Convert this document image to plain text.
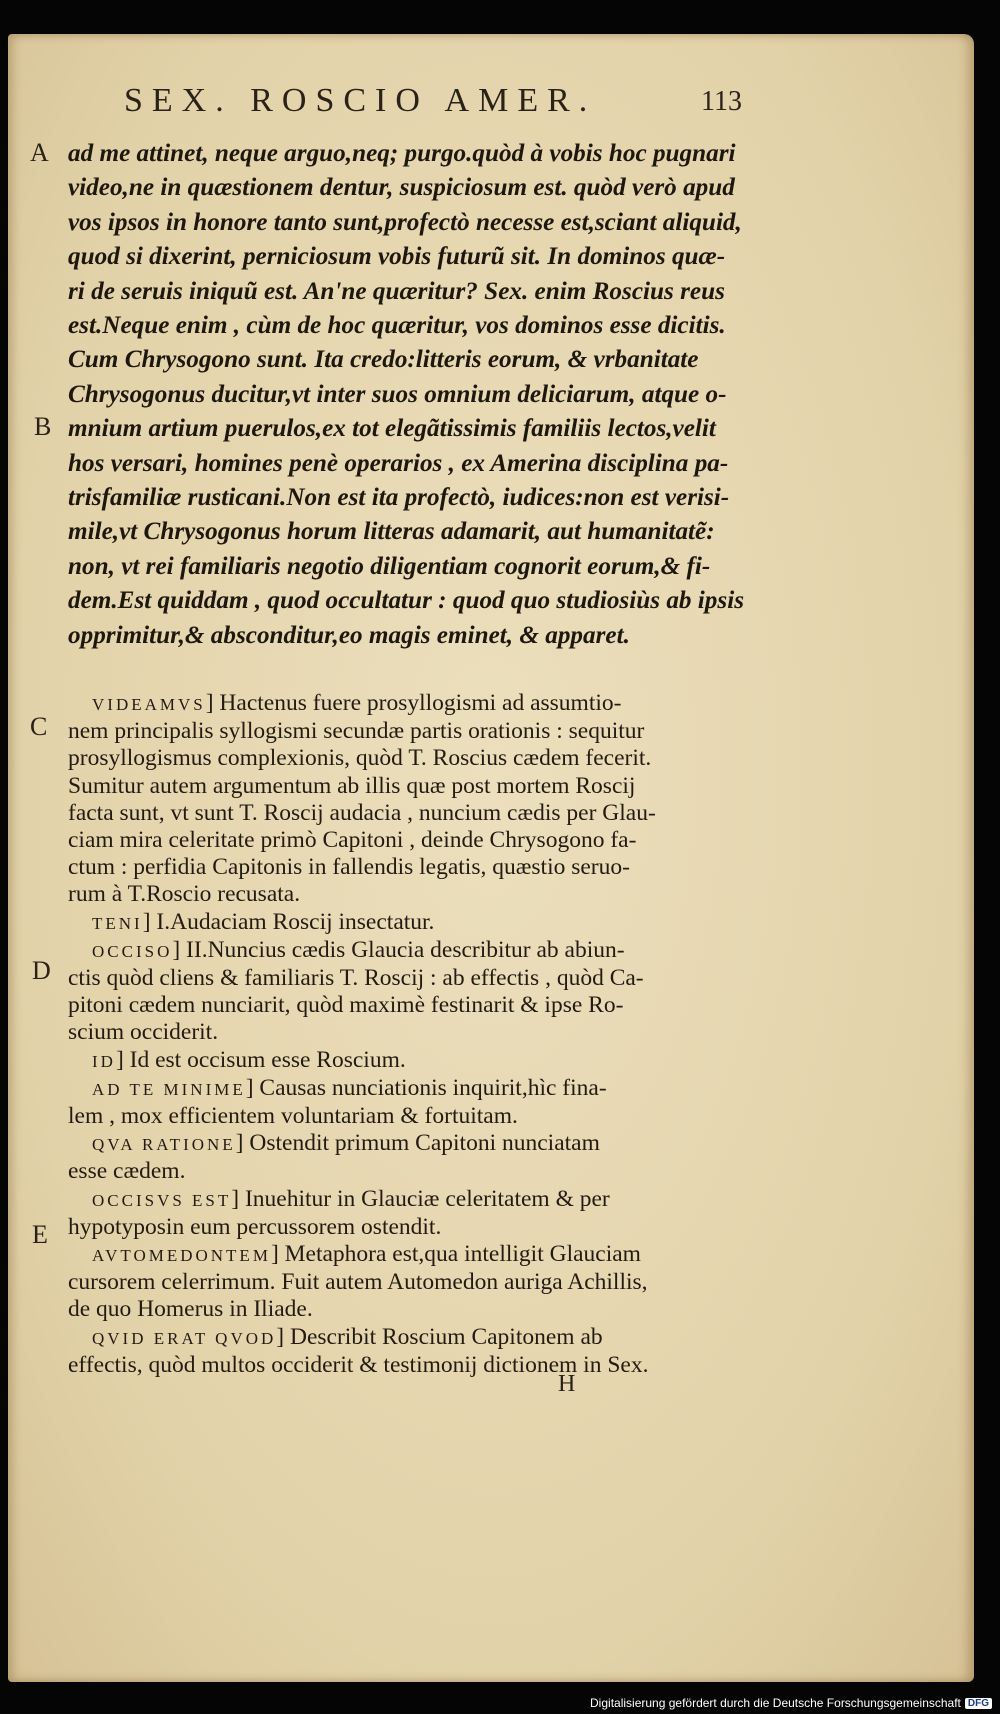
SEX. ROSCIO AMER.	113
A
B
C
D
E
ad me attinet, neque arguo,neq; purgo.quòd à vobis hoc pugnari
video,ne in quæstionem dentur, suspiciosum est. quòd verò apud
vos ipsos in honore tanto sunt,profectò necesse est,sciant aliquid,
quod si dixerint, perniciosum vobis futurũ sit. In dominos quæ-
ri de seruis iniquũ est. An'ne quæritur? Sex. enim Roscius reus
est.Neque enim , cùm de hoc quæritur, vos dominos esse dicitis.
Cum Chrysogono sunt. Ita credo:litteris eorum, & vrbanitate
Chrysogonus ducitur,vt inter suos omnium deliciarum, atque o-
mnium artium puerulos,ex tot elegãtissimis familiis lectos,velit
hos versari, homines penè operarios , ex Amerina disciplina pa-
trisfamiliæ rusticani.Non est ita profectò, iudices:non est verisi-
mile,vt Chrysogonus horum litteras adamarit, aut humanitatẽ:
non, vt rei familiaris negotio diligentiam cognorit eorum,& fi-
dem.Est quiddam , quod occultatur : quod quo studiosiùs ab ipsis
opprimitur,& absconditur,eo magis eminet, & apparet.
VIDEAMVS] Hactenus fuere prosyllogismi ad assumtio-
nem principalis syllogismi secundæ partis orationis : sequitur
prosyllogismus complexionis, quòd T. Roscius cædem fecerit.
Sumitur autem argumentum ab illis quæ post mortem Roscij
facta sunt, vt sunt T. Roscij audacia , nuncium cædis per Glau-
ciam mira celeritate primò Capitoni , deinde Chrysogono fa-
ctum : perfidia Capitonis in fallendis legatis, quæstio seruo-
rum à T.Roscio recusata.
TENI] I.Audaciam Roscij insectatur.
OCCISO] II.Nuncius cædis Glaucia describitur ab abiun-
ctis quòd cliens & familiaris T. Roscij : ab effectis , quòd Ca-
pitoni cædem nunciarit, quòd maximè festinarit & ipse Ro-
scium occiderit.
ID] Id est occisum esse Roscium.
AD TE MINIME] Causas nunciationis inquirit,hìc fina-
lem , mox efficientem voluntariam & fortuitam.
QVA RATIONE] Ostendit primum Capitoni nunciatam
esse cædem.
OCCISVS EST] Inuehitur in Glauciæ celeritatem & per
hypotyposin eum percussorem ostendit.
AVTOMEDONTEM] Metaphora est,qua intelligit Glauciam
cursorem celerrimum. Fuit autem Automedon auriga Achillis,
de quo Homerus in Iliade.
QVID ERAT QVOD] Describit Roscium Capitonem ab
effectis, quòd multos occiderit & testimonij dictionem in Sex.
H
Digitalisierung gefördert durch die Deutsche Forschungsgemeinschaft DFG
